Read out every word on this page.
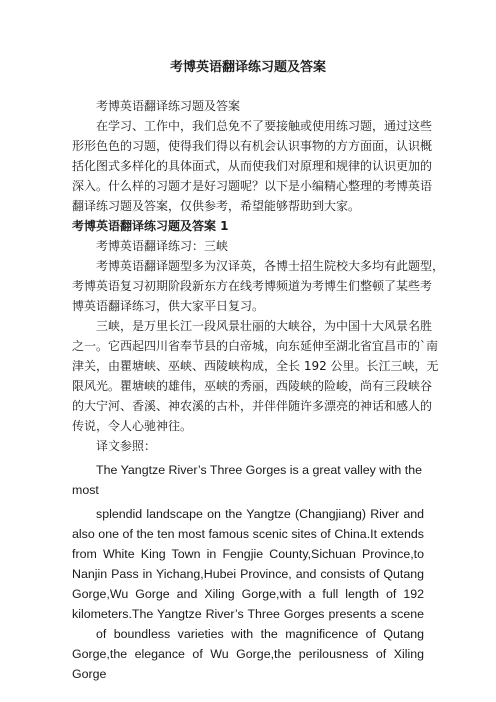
考博英语翻译练习题及答案
考博英语翻译练习题及答案
在学习、工作中，我们总免不了要接触或使用练习题，通过这些
形形色色的习题，使得我们得以有机会认识事物的方方面面，认识概
括化图式多样化的具体面式，从而使我们对原理和规律的认识更加的
深入。什么样的习题才是好习题呢？以下是小编精心整理的考博英语
翻译练习题及答案，仅供参考，希望能够帮助到大家。
考博英语翻译练习题及答案 1
考博英语翻译练习：三峡
考博英语翻译题型多为汉译英，各博士招生院校大多均有此题型，
考博英语复习初期阶段新东方在线考博频道为考博生们整顿了某些考
博英语翻译练习，供大家平日复习。
三峡，是万里长江一段风景壮丽的大峡谷，为中国十大风景名胜
之一。它西起四川省奉节县的白帝城，向东延伸至湖北省宜昌市的`南
津关，由瞿塘峡、巫峡、西陵峡构成，全长 192 公里。长江三峡，无
限风光。瞿塘峡的雄伟，巫峡的秀丽，西陵峡的险峻，尚有三段峡谷
的大宁河、香溪、神农溪的古朴，并伴伴随许多漂亮的神话和感人的
传说，令人心驰神往。
译文参照：
The Yangtze River’s Three Gorges is a great valley with the
most
splendid landscape on the Yangtze (Changjiang) River and
also one of the ten most famous scenic sites of China.It extends
from White King Town in Fengjie County,Sichuan Province,to
Nanjin Pass in Yichang,Hubei Province, and consists of Qutang
Gorge,Wu Gorge and Xiling Gorge,with a full length of 192
kilometers.The Yangtze River’s Three Gorges presents a scene
of boundless varieties with the magnificence of Qutang
Gorge,the elegance of Wu Gorge,the perilousness of Xiling Gorge
